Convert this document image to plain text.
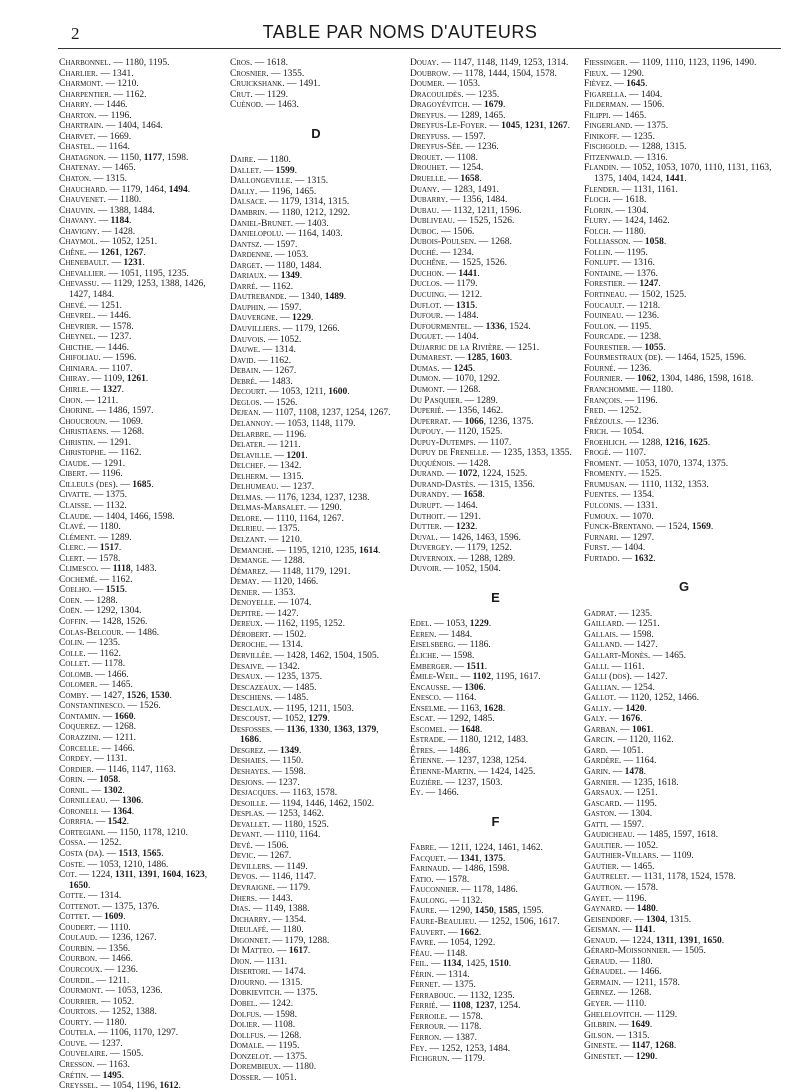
2	TABLE PAR NOMS D'AUTEURS
Charbonnel. — 1180, 1195.
Charlier. — 1341.
Charmont. — 1210.
Charpentier. — 1162.
Charry. — 1446.
Charton. — 1196.
Chartrain. — 1404, 1464.
Charvet. — 1669.
Chastel. — 1164.
Chatagnon. — 1150, 1177, 1598.
Chatenay. — 1465.
Chaton. — 1315.
Chauchard. — 1179, 1464, 1494.
Chauvenet. — 1180.
Chauvin. — 1388, 1484.
Chavany. — 1184.
Chavigny. — 1428.
Chaymol. — 1052, 1251.
Chêne. — 1261, 1267.
Chenebault. — 1231.
Chevallier. — 1051, 1195, 1235.
Chevassu. — 1129, 1253, 1388, 1426, 1427, 1484.
Chevé. — 1251.
Chevrel. — 1446.
Chevrier. — 1578.
Cheynel. — 1237.
Chicthe. — 1446.
Chifoliau. — 1596.
Chiniara. — 1107.
Chiray. — 1109, 1261.
Chirle. — 1327.
Chon. — 1211.
Chorine. — 1486, 1597.
Choucroun. — 1069.
Christiaens. — 1268.
Christin. — 1291.
Christophe. — 1162.
Ciaude. — 1291.
Cibert. — 1196.
Cilleuls (des). — 1685.
Civatte. — 1375.
Claisse. — 1132.
Claude. — 1404, 1466, 1598.
Clavé. — 1180.
Clément. — 1289.
Clerc. — 1517.
Clert. — 1578.
Climesco. — 1118, 1483.
Cochemé. — 1162.
Coelho. — 1515.
Coen. — 1288.
Coën. — 1292, 1304.
Coffin. — 1428, 1526.
Colas-Belcour. — 1486.
Colin. — 1235.
Colle. — 1162.
Collet. — 1178.
Colomb. — 1466.
Colomer. — 1465.
Comby. — 1427, 1526, 1530.
Constantinesco. — 1526.
Contamin. — 1660.
Coquerez. — 1268.
Corazzini. — 1211.
Corcelle. — 1466.
Cordey. — 1131.
Cordier. — 1146, 1147, 1163.
Corin. — 1058.
Cornil. — 1302.
Cornilleau. — 1306.
Coroneli. — 1364.
Corrfia. — 1542.
Cortegiani. — 1150, 1178, 1210.
Cossa. — 1252.
Costa (da). — 1513, 1565.
Coste. — 1053, 1210, 1486.
Cot. — 1224, 1311, 1391, 1604, 1623, 1650.
Cotte. — 1314.
Cottenot. — 1375, 1376.
Cottet. — 1609.
Coudert. — 1110.
Coulaud. — 1236, 1267.
Courbin. — 1356.
Courbon. — 1466.
Courcoux. — 1236.
Courdil. — 1211.
Courmont. — 1053, 1236.
Courrier. — 1052.
Courtois. — 1252, 1388.
Courty. — 1180.
Coutela. — 1106, 1170, 1297.
Couve. — 1237.
Couvelaire. — 1505.
Cresson. — 1163.
Crétin. — 1495.
Creyssel. — 1054, 1196, 1612.
Cros. — 1618.
Crosnier. — 1355.
Cruickshank. — 1491.
Crut. — 1129.
Cuénod. — 1463.
D
Daire. — 1180.
Dallet. — 1599.
Dallongeville. — 1315.
Dally. — 1196, 1465.
Dalsace. — 1179, 1314, 1315.
Dambrin. — 1180, 1212, 1292.
Daniel-Brunet. — 1403.
Danielopolu. — 1164, 1403.
Dantsz. — 1597.
Dardenne. — 1053.
Darget. — 1180, 1484.
Dariaux. — 1349.
Darré. — 1162.
Dautrebande. — 1340, 1489.
Dauphin. — 1597.
Dauvergne. — 1229.
Dauvilliers. — 1179, 1266.
Dauvois. — 1052.
Dauwe. — 1314.
David. — 1162.
Debain. — 1267.
Debré. — 1483.
Decourt. — 1053, 1211, 1600.
Deglos. — 1526.
Dejean. — 1107, 1108, 1237, 1254, 1267.
Delannoy. — 1053, 1148, 1179.
Delarbre. — 1196.
Delater. — 1211.
Delaville. — 1201.
Delchef. — 1342.
Delherm. — 1315.
Delhumeau. — 1237.
Delmas. — 1176, 1234, 1237, 1238.
Delmas-Marsalet. — 1290.
Delore. — 1110, 1164, 1267.
Delrieu. — 1375.
Delzant. — 1210.
Demanche. — 1195, 1210, 1235, 1614.
Demange. — 1288.
Démarez. — 1148, 1179, 1291.
Demay. — 1120, 1466.
Denier. — 1353.
Denoyelle. — 1074.
Depitre. — 1427.
Dereux. — 1162, 1195, 1252.
Dérobert. — 1502.
Deroche. — 1314.
Dervillée. — 1428, 1462, 1504, 1505.
Desaive. — 1342.
Desaux. — 1235, 1375.
Descazeaux. — 1485.
Deschiens. — 1485.
Desclaux. — 1195, 1211, 1503.
Descoust. — 1052, 1279.
Desfosses. — 1136, 1330, 1363, 1379, 1686.
Desgrez. — 1349.
Deshaies. — 1150.
Deshayes. — 1598.
Desjons. — 1237.
Desjacques. — 1163, 1578.
Desoille. — 1194, 1446, 1462, 1502.
Desplas. — 1253, 1462.
Devallet. — 1180, 1525.
Devant. — 1110, 1164.
Devé. — 1506.
Devic. — 1267.
Devillers. — 1149.
Devos. — 1146, 1147.
Devraigne. — 1179.
Dhers. — 1443.
Dias. — 1149, 1388.
Dicharry. — 1354.
Dieulafé. — 1180.
Digonnet. — 1179, 1288.
Di Matteo. — 1617.
Dion. — 1131.
Disertori. — 1474.
Djourno. — 1315.
Dobkievitch. — 1375.
Dobel. — 1242.
Dolfus. — 1598.
Dolier. — 1108.
Dollfus. — 1268.
Domale. — 1195.
Donzelot. — 1375.
Dorembieux. — 1180.
Dosser. — 1051.
Douay. — 1147, 1148, 1149, 1253, 1314.
Doubrow. — 1178, 1444, 1504, 1578.
Doumer. — 1053.
Dracoulidès. — 1235.
Dragoyévitch. — 1679.
Dreyfus. — 1289, 1465.
Dreyfus-Le-Foyer. — 1045, 1231, 1267.
Dreyfuss. — 1597.
Dreyfus-Sée. — 1236.
Drouet. — 1108.
Drouhet. — 1254.
Druelle. — 1658.
Duany. — 1283, 1491.
Dubarry. — 1356, 1484.
Dubau. — 1132, 1211, 1596.
Dubliveau. — 1525, 1526.
Duboc. — 1506.
Dubois-Poulsen. — 1268.
Duché. — 1234.
Duchêne. — 1525, 1526.
Duchon. — 1441.
Duclos. — 1179.
Ducuing. — 1212.
Duflot. — 1315.
Dufour. — 1484.
Dufourmentel. — 1336, 1524.
Duguet. — 1404.
Dujarric de la Rivière. — 1251.
Dumarest. — 1285, 1603.
Dumas. — 1245.
Dumon. — 1070, 1292.
Dumont. — 1268.
Du Pasquier. — 1289.
Duperié. — 1356, 1462.
Duperrat. — 1066, 1236, 1375.
Dupouy. — 1120, 1525.
Dupuy-Dutemps. — 1107.
Dupuy de Frenelle. — 1235, 1353, 1355.
Duquénois. — 1428.
Durand. — 1072, 1224, 1525.
Durand-Dastès. — 1315, 1356.
Durandy. — 1658.
Durupt. — 1464.
Duthoit. — 1291.
Dutter. — 1232.
Duval. — 1426, 1463, 1596.
Duvergey. — 1179, 1252.
Duvernoix. — 1288, 1289.
Duvoir. — 1052, 1504.
E
Edel. — 1053, 1229.
Eeren. — 1484.
Eiselsberg. — 1186.
Éliche. — 1598.
Emberger. — 1511.
Émile-Weil. — 1102, 1195, 1617.
Encausse. — 1306.
Enesco. — 1164.
Enselme. — 1163, 1628.
Escat. — 1292, 1485.
Escomel. — 1648.
Estrade. — 1180, 1212, 1483.
Étres. — 1486.
Étienne. — 1237, 1238, 1254.
Étienne-Martin. — 1424, 1425.
Euzière. — 1237, 1503.
Ey. — 1466.
F
Fabre. — 1211, 1224, 1461, 1462.
Facquet. — 1341, 1375.
Farinaud. — 1486, 1598.
Fatio. — 1578.
Fauconnier. — 1178, 1486.
Faulong. — 1132.
Faure. — 1290, 1450, 1585, 1595.
Faure-Beaulieu. — 1252, 1506, 1617.
Fauvert. — 1662.
Favre. — 1054, 1292.
Féau. — 1148.
Feil. — 1134, 1425, 1510.
Férin. — 1314.
Fernet. — 1375.
Ferrabouc. — 1132, 1235.
Ferrié. — 1108, 1237, 1254.
Ferroile. — 1578.
Ferrour. — 1178.
Ferron. — 1387.
Fey. — 1252, 1253, 1484.
Fichgrun. — 1179.
Fiessinger. — 1109, 1110, 1123, 1196, 1490.
Fieux. — 1290.
Fièvez. — 1645.
Figarella. — 1404.
Filderman. — 1506.
Filippi. — 1465.
Fingerland. — 1375.
Finikoff. — 1235.
Fischgold. — 1288, 1315.
Fitzenwald. — 1316.
Flandin. — 1052, 1053, 1070, 1110, 1131, 1163, 1375, 1404, 1424, 1441.
Flender. — 1131, 1161.
Floch. — 1618.
Florin. — 1304.
Flury. — 1424, 1462.
Folch. — 1180.
Folliasson. — 1058.
Follin. — 1195.
Fonlupt. — 1316.
Fontaine. — 1376.
Forestier. — 1247.
Fortineau. — 1502, 1525.
Foucault. — 1218.
Fouineau. — 1236.
Foulon. — 1195.
Fourcade. — 1238.
Fourestier. — 1055.
Fourmestraux (de). — 1464, 1525, 1596.
Fourné. — 1236.
Fournier. — 1062, 1304, 1486, 1598, 1618.
Franchomme. — 1180.
François. — 1196.
Fred. — 1252.
Frézouls. — 1236.
Frich. — 1054.
Froehlich. — 1288, 1216, 1625.
Frogé. — 1107.
Froment. — 1053, 1070, 1374, 1375.
Fromenty. — 1525.
Frumusan. — 1110, 1132, 1353.
Fuentes. — 1354.
Fulconis. — 1331.
Fumoux. — 1070.
Funck-Brentano. — 1524, 1569.
Furnari. — 1297.
Furst. — 1404.
Furtado. — 1632.
G
Gadrat. — 1235.
Gaillard. — 1251.
Gallais. — 1598.
Galland. — 1427.
Gallart-Monès. — 1465.
Galli. — 1161.
Galli (dos). — 1427.
Gallian. — 1254.
Gallot. — 1120, 1252, 1466.
Gally. — 1420.
Galy. — 1676.
Garban. — 1061.
Garcin. — 1120, 1162.
Gard. — 1051.
Gardère. — 1164.
Garin. — 1478.
Garnier. — 1235, 1618.
Garsaux. — 1251.
Gascard. — 1195.
Gaston. — 1304.
Gatti. — 1597.
Gaudicheau. — 1485, 1597, 1618.
Gaultier. — 1052.
Gauthier-Villars. — 1109.
Gautier. — 1465.
Gautrelet. — 1131, 1178, 1524, 1578.
Gautron. — 1578.
Gayet. — 1196.
Gaynard. — 1480.
Geisendorf. — 1304, 1315.
Geisman. — 1141.
Genaud. — 1224, 1311, 1391, 1650.
Gérard-Moissonnier. — 1505.
Geraud. — 1180.
Géraudel. — 1466.
Germain. — 1211, 1578.
Gernez. — 1268.
Geyer. — 1110.
Ghelelovitch. — 1129.
Gilbrin. — 1649.
Gilson. — 1315.
Gineste. — 1147, 1268.
Ginestet. — 1290.
